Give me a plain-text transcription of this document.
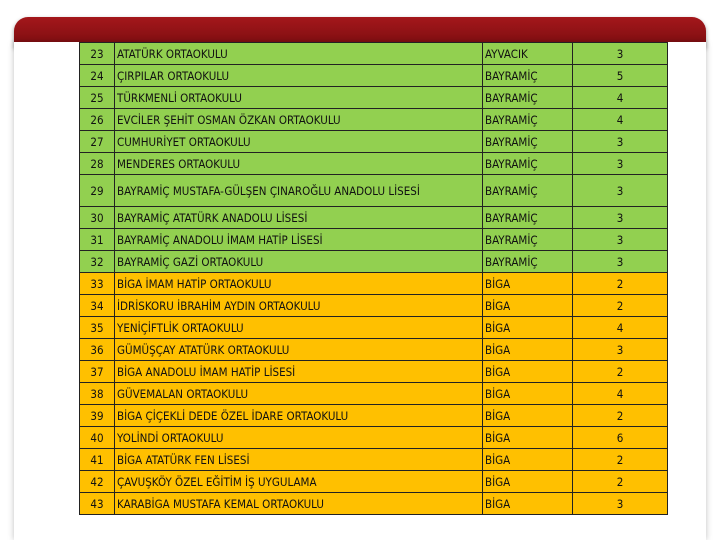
23	ATATÜRK ORTAOKULU	AYVACIK	3
24	ÇIRPILAR ORTAOKULU	BAYRAMİÇ	5
25	TÜRKMENLİ ORTAOKULU	BAYRAMİÇ	4
26	EVCİLER ŞEHİT OSMAN ÖZKAN ORTAOKULU	BAYRAMİÇ	4
27	CUMHURİYET ORTAOKULU	BAYRAMİÇ	3
28	MENDERES ORTAOKULU	BAYRAMİÇ	3
29	BAYRAMİÇ MUSTAFA-GÜLŞEN ÇINAROĞLU ANADOLU LİSESİ	BAYRAMİÇ	3
30	BAYRAMİÇ ATATÜRK ANADOLU LİSESİ	BAYRAMİÇ	3
31	BAYRAMİÇ ANADOLU İMAM HATİP LİSESİ	BAYRAMİÇ	3
32	BAYRAMİÇ GAZİ ORTAOKULU	BAYRAMİÇ	3
33	BİGA İMAM HATİP ORTAOKULU	BİGA	2
34	İDRİSKORU İBRAHİM AYDIN ORTAOKULU	BİGA	2
35	YENİÇİFTLİK ORTAOKULU	BİGA	4
36	GÜMÜŞÇAY ATATÜRK ORTAOKULU	BİGA	3
37	BİGA ANADOLU İMAM HATİP LİSESİ	BİGA	2
38	GÜVEMALAN ORTAOKULU	BİGA	4
39	BİGA ÇİÇEKLİ DEDE ÖZEL İDARE ORTAOKULU	BİGA	2
40	YOLİNDİ ORTAOKULU	BİGA	6
41	BİGA ATATÜRK FEN LİSESİ	BİGA	2
42	ÇAVUŞKÖY ÖZEL EĞİTİM İŞ UYGULAMA	BİGA	2
43	KARABİGA MUSTAFA KEMAL ORTAOKULU	BİGA	3
